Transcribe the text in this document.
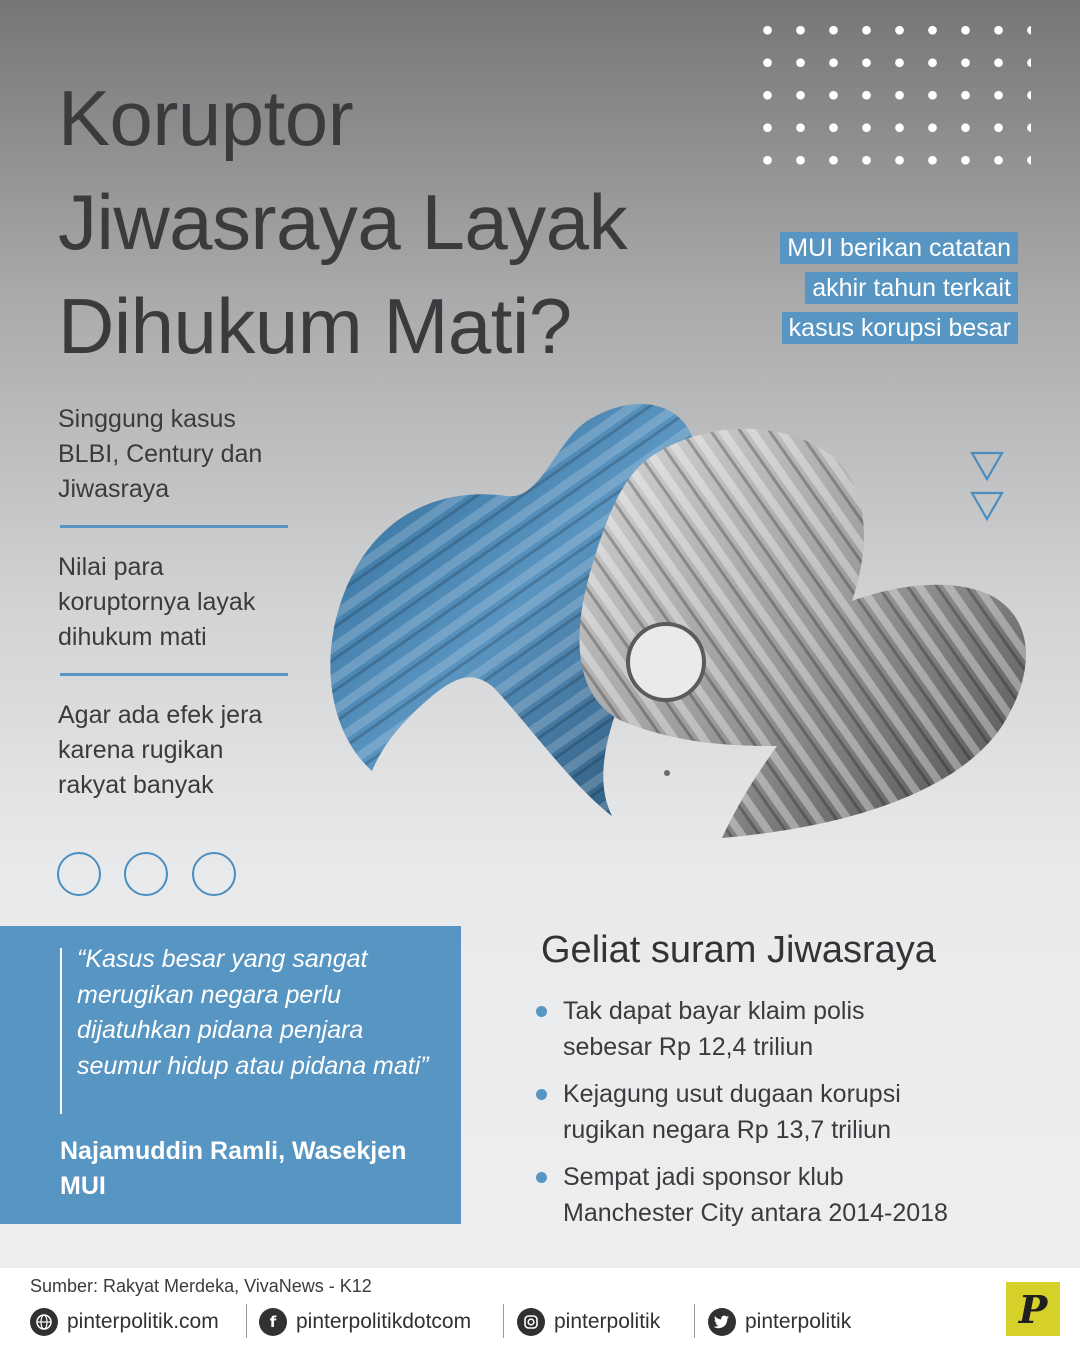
Koruptor
Jiwasraya Layak
Dihukum Mati?
MUI berikan catatan
akhir tahun terkait
kasus korupsi besar

Singgung kasus BLBI, Century dan Jiwasraya

Nilai para koruptornya layak dihukum mati

Agar ada efek jera karena rugikan rakyat banyak

“Kasus besar yang sangat merugikan negara perlu dijatuhkan pidana penjara seumur hidup atau pidana mati”

Najamuddin Ramli, Wasekjen MUI

Geliat suram Jiwasraya
Tak dapat bayar klaim polis
sebesar Rp 12,4 triliun
Kejagung usut dugaan korupsi
rugikan negara Rp 13,7 triliun
Sempat jadi sponsor klub
Manchester City antara 2014-2018

Sumber: Rakyat Merdeka, VivaNews - K12

pinterpolitik.com	f pinterpolitikdotcom	pinterpolitik	pinterpolitik	P
